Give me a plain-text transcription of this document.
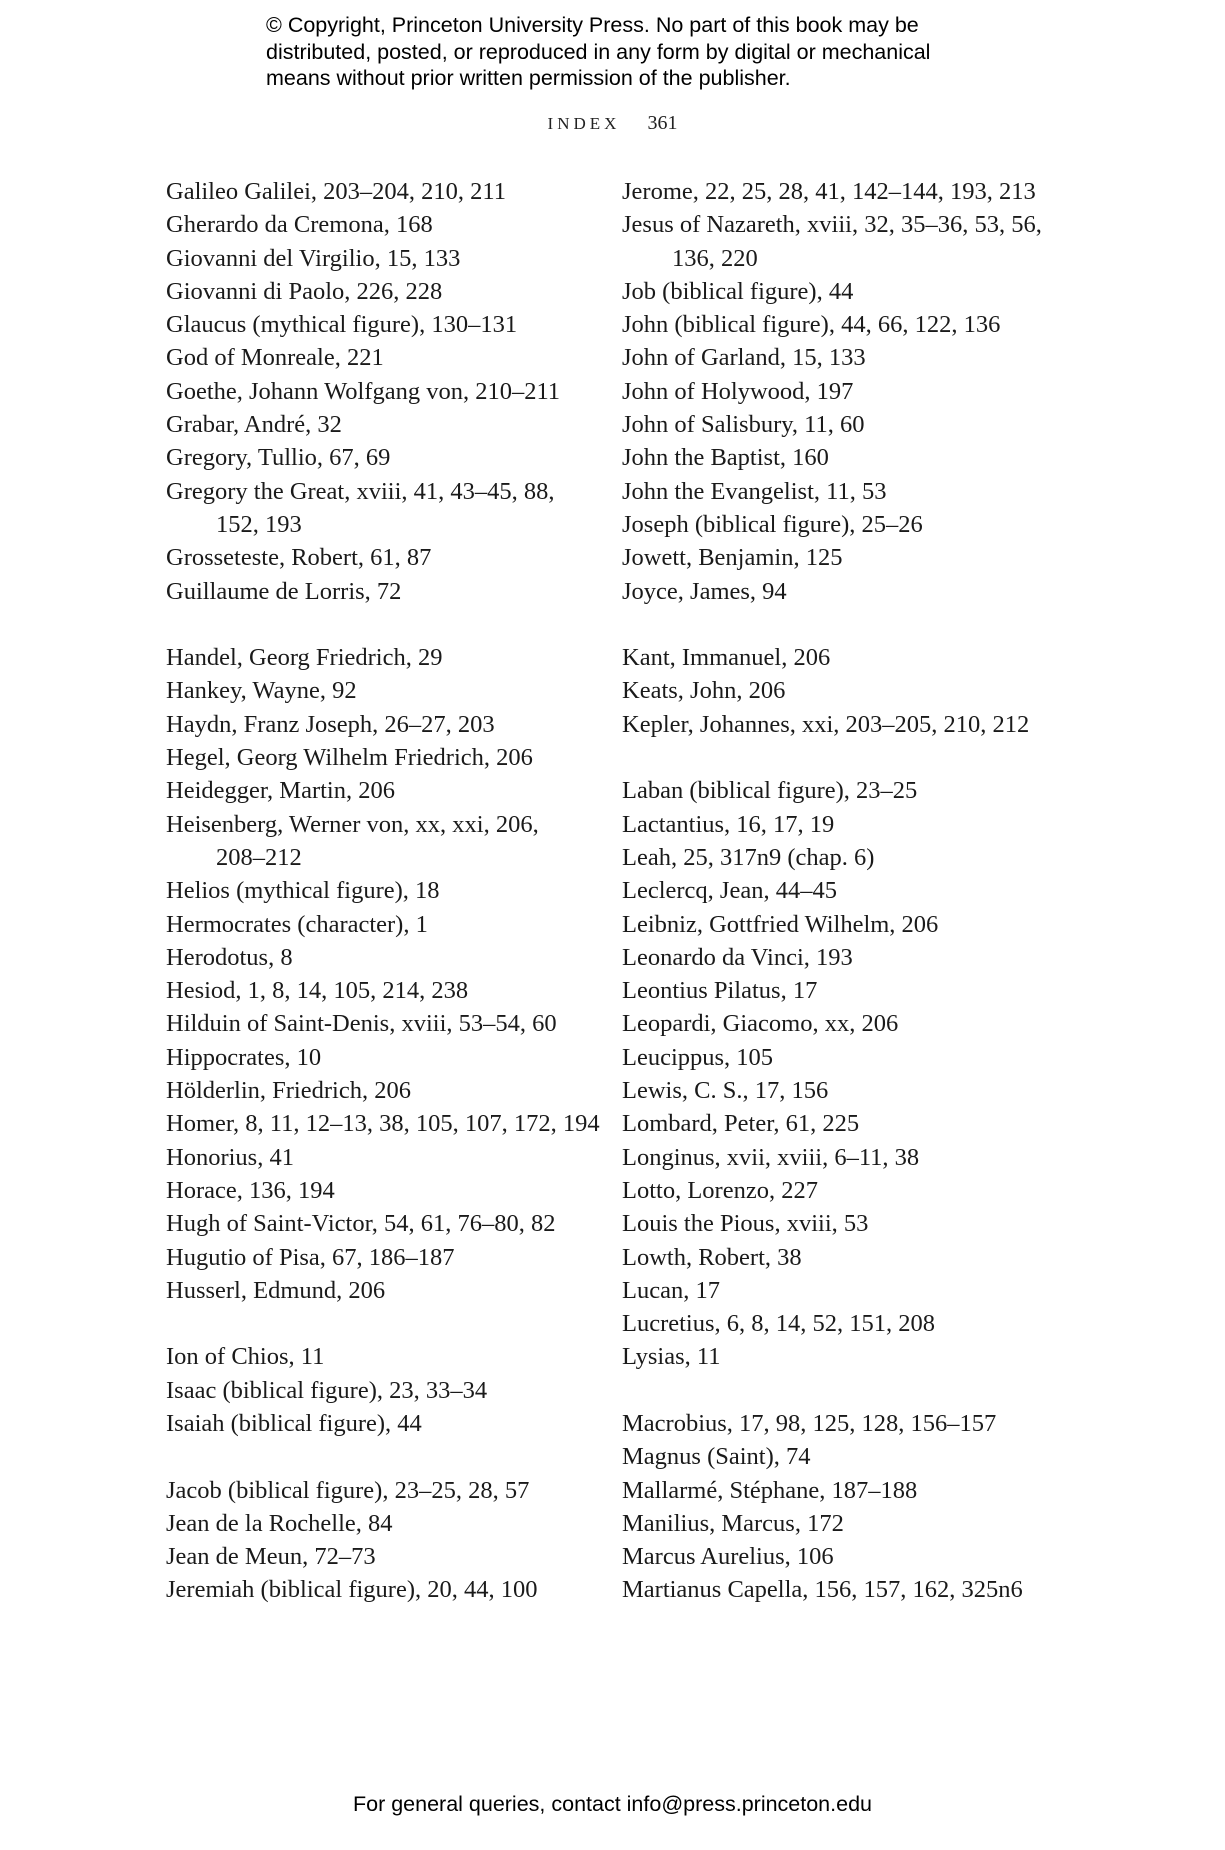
© Copyright, Princeton University Press. No part of this book may be
distributed, posted, or reproduced in any form by digital or mechanical
means without prior written permission of the publisher.
INDEX 361
Galileo Galilei, 203–204, 210, 211
Gherardo da Cremona, 168
Giovanni del Virgilio, 15, 133
Giovanni di Paolo, 226, 228
Glaucus (mythical figure), 130–131
God of Monreale, 221
Goethe, Johann Wolfgang von, 210–211
Grabar, André, 32
Gregory, Tullio, 67, 69
Gregory the Great, xviii, 41, 43–45, 88,
152, 193
Grosseteste, Robert, 61, 87
Guillaume de Lorris, 72
Handel, Georg Friedrich, 29
Hankey, Wayne, 92
Haydn, Franz Joseph, 26–27, 203
Hegel, Georg Wilhelm Friedrich, 206
Heidegger, Martin, 206
Heisenberg, Werner von, xx, xxi, 206,
208–212
Helios (mythical figure), 18
Hermocrates (character), 1
Herodotus, 8
Hesiod, 1, 8, 14, 105, 214, 238
Hilduin of Saint-Denis, xviii, 53–54, 60
Hippocrates, 10
Hölderlin, Friedrich, 206
Homer, 8, 11, 12–13, 38, 105, 107, 172, 194
Honorius, 41
Horace, 136, 194
Hugh of Saint-Victor, 54, 61, 76–80, 82
Hugutio of Pisa, 67, 186–187
Husserl, Edmund, 206
Ion of Chios, 11
Isaac (biblical figure), 23, 33–34
Isaiah (biblical figure), 44
Jacob (biblical figure), 23–25, 28, 57
Jean de la Rochelle, 84
Jean de Meun, 72–73
Jeremiah (biblical figure), 20, 44, 100
Jerome, 22, 25, 28, 41, 142–144, 193, 213
Jesus of Nazareth, xviii, 32, 35–36, 53, 56,
136, 220
Job (biblical figure), 44
John (biblical figure), 44, 66, 122, 136
John of Garland, 15, 133
John of Holywood, 197
John of Salisbury, 11, 60
John the Baptist, 160
John the Evangelist, 11, 53
Joseph (biblical figure), 25–26
Jowett, Benjamin, 125
Joyce, James, 94
Kant, Immanuel, 206
Keats, John, 206
Kepler, Johannes, xxi, 203–205, 210, 212
Laban (biblical figure), 23–25
Lactantius, 16, 17, 19
Leah, 25, 317n9 (chap. 6)
Leclercq, Jean, 44–45
Leibniz, Gottfried Wilhelm, 206
Leonardo da Vinci, 193
Leontius Pilatus, 17
Leopardi, Giacomo, xx, 206
Leucippus, 105
Lewis, C. S., 17, 156
Lombard, Peter, 61, 225
Longinus, xvii, xviii, 6–11, 38
Lotto, Lorenzo, 227
Louis the Pious, xviii, 53
Lowth, Robert, 38
Lucan, 17
Lucretius, 6, 8, 14, 52, 151, 208
Lysias, 11
Macrobius, 17, 98, 125, 128, 156–157
Magnus (Saint), 74
Mallarmé, Stéphane, 187–188
Manilius, Marcus, 172
Marcus Aurelius, 106
Martianus Capella, 156, 157, 162, 325n6
For general queries, contact info@press.princeton.edu
